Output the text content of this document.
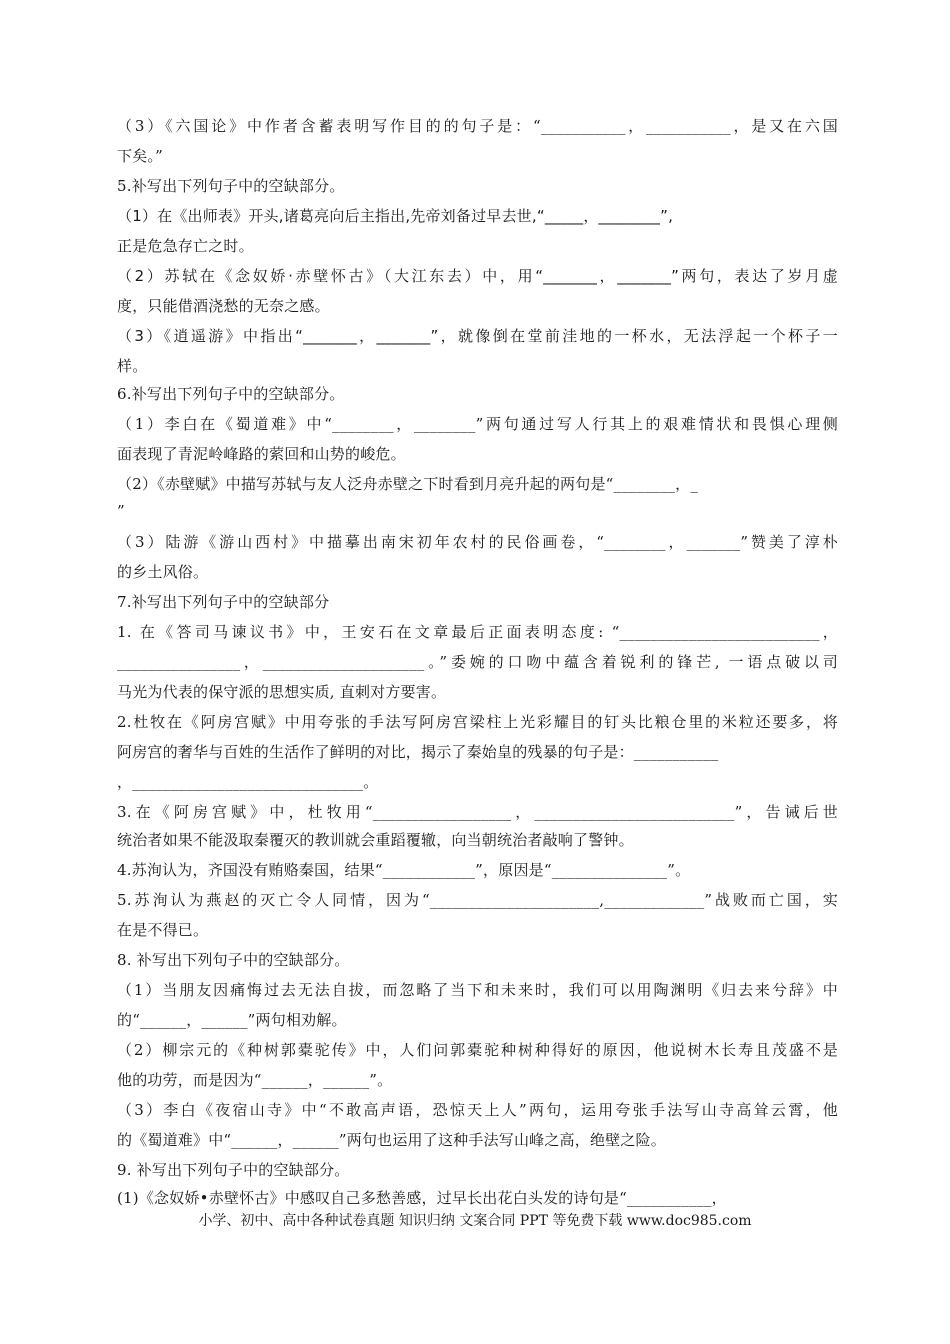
（3）《六国论》中作者含蓄表明写作目的的句子是：“___________，___________，是又在六国
下矣。”
5.补写出下列句子中的空缺部分。
（1）在《出师表》开头,诸葛亮向后主指出,先帝刘备过早去世,“_____，________”,
正是危急存亡之时。
（2）苏轼在《念奴娇·赤壁怀古》（大江东去）中，用“_______，_______”两句，表达了岁月虚
度，只能借酒浇愁的无奈之感。
（3）《逍遥游》中指出“_______，_______”，就像倒在堂前洼地的一杯水，无法浮起一个杯子一
样。
6.补写出下列句子中的空缺部分。
（1）李白在《蜀道难》中“________，________”两句通过写人行其上的艰难情状和畏惧心理侧
面表现了青泥岭峰路的萦回和山势的峻危。
（2）《赤壁赋》中描写苏轼与友人泛舟赤壁之下时看到月亮升起的两句是“________，_
”
（3）陆游《游山西村》中描摹出南宋初年农村的民俗画卷，“________，_______”赞美了淳朴
的乡土风俗。
7.补写出下列句子中的空缺部分
1. 在《答司马谏议书》中，王安石在文章最后正面表明态度: “__________________________，
________________，_____________________。”委婉的口吻中蕴含着锐利的锋芒, 一语点破以司
马光为代表的保守派的思想实质, 直刺对方要害。
2.杜牧在《阿房宫赋》中用夸张的手法写阿房宫梁柱上光彩耀目的钉头比粮仓里的米粒还要多，将
阿房宫的奢华与百姓的生活作了鲜明的对比，揭示了秦始皇的残暴的句子是：___________
，______________________________。
3.在《阿房宫赋》中，杜牧用“__________________，__________________________”，告诫后世
统治者如果不能汲取秦覆灭的教训就会重蹈覆辙，向当朝统治者敲响了警钟。
4.苏洵认为，齐国没有贿赂秦国，结果“____________”，原因是“_______________”。
5.苏洵认为燕赵的灭亡令人同情，因为“______________________,_____________”战败而亡国，实
在是不得已。
8. 补写出下列句子中的空缺部分。
（1）当朋友因痛悔过去无法自拔，而忽略了当下和未来时，我们可以用陶渊明《归去来兮辞》中
的“______，______”两句相劝解。
（2）柳宗元的《种树郭橐驼传》中，人们问郭橐驼种树种得好的原因，他说树木长寿且茂盛不是
他的功劳，而是因为“______，______”。
（3）李白《夜宿山寺》中“不敢高声语，恐惊天上人”两句，运用夸张手法写山寺高耸云霄，他
的《蜀道难》中“______，______”两句也运用了这种手法写山峰之高，绝壁之险。
9. 补写出下列句子中的空缺部分。
(1)《念奴娇•赤壁怀古》中感叹自己多愁善感，过早长出花白头发的诗句是“___________，
小学、初中、高中各种试卷真题 知识归纳 文案合同 PPT 等免费下载 www.doc985.com
